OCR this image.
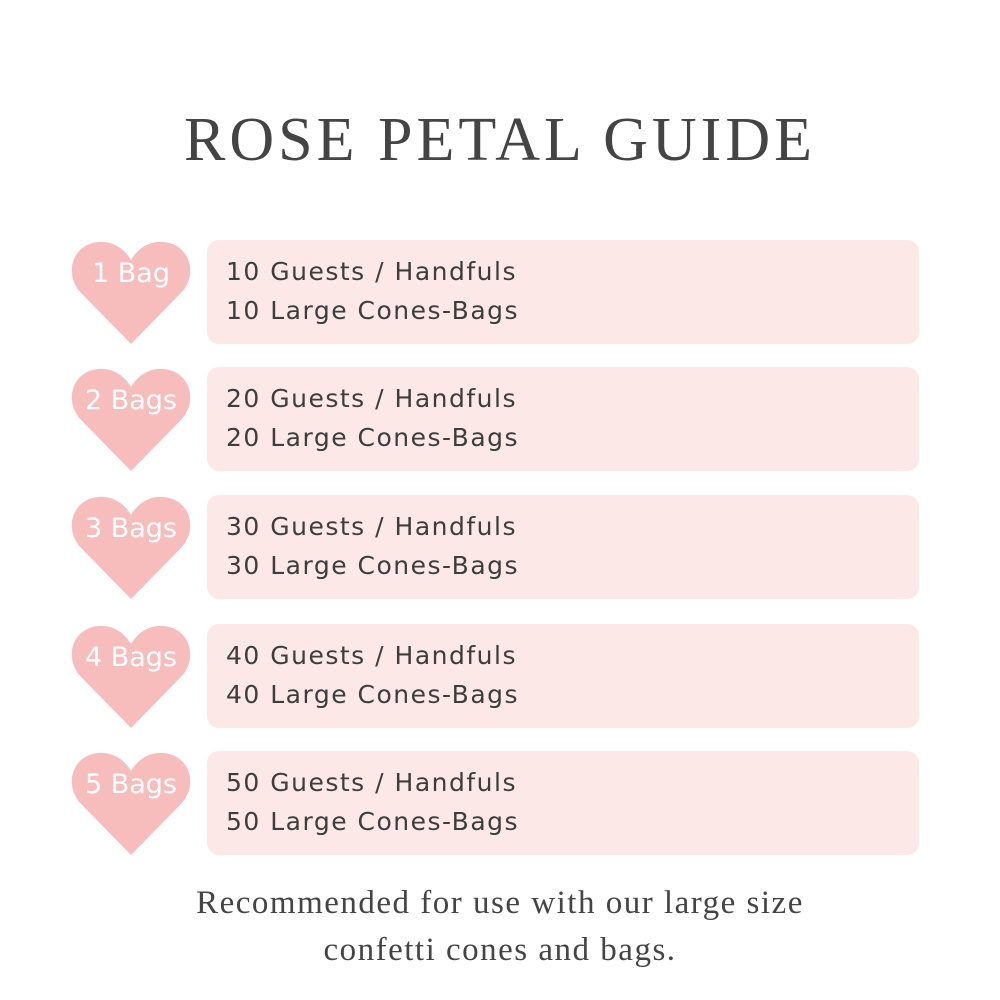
ROSE PETAL GUIDE
1 Bag	10 Guests / Handfuls
10 Large Cones-Bags
2 Bags	20 Guests / Handfuls
20 Large Cones-Bags
3 Bags	30 Guests / Handfuls
30 Large Cones-Bags
4 Bags	40 Guests / Handfuls
40 Large Cones-Bags
5 Bags	50 Guests / Handfuls
50 Large Cones-Bags
Recommended for use with our large size
confetti cones and bags.
